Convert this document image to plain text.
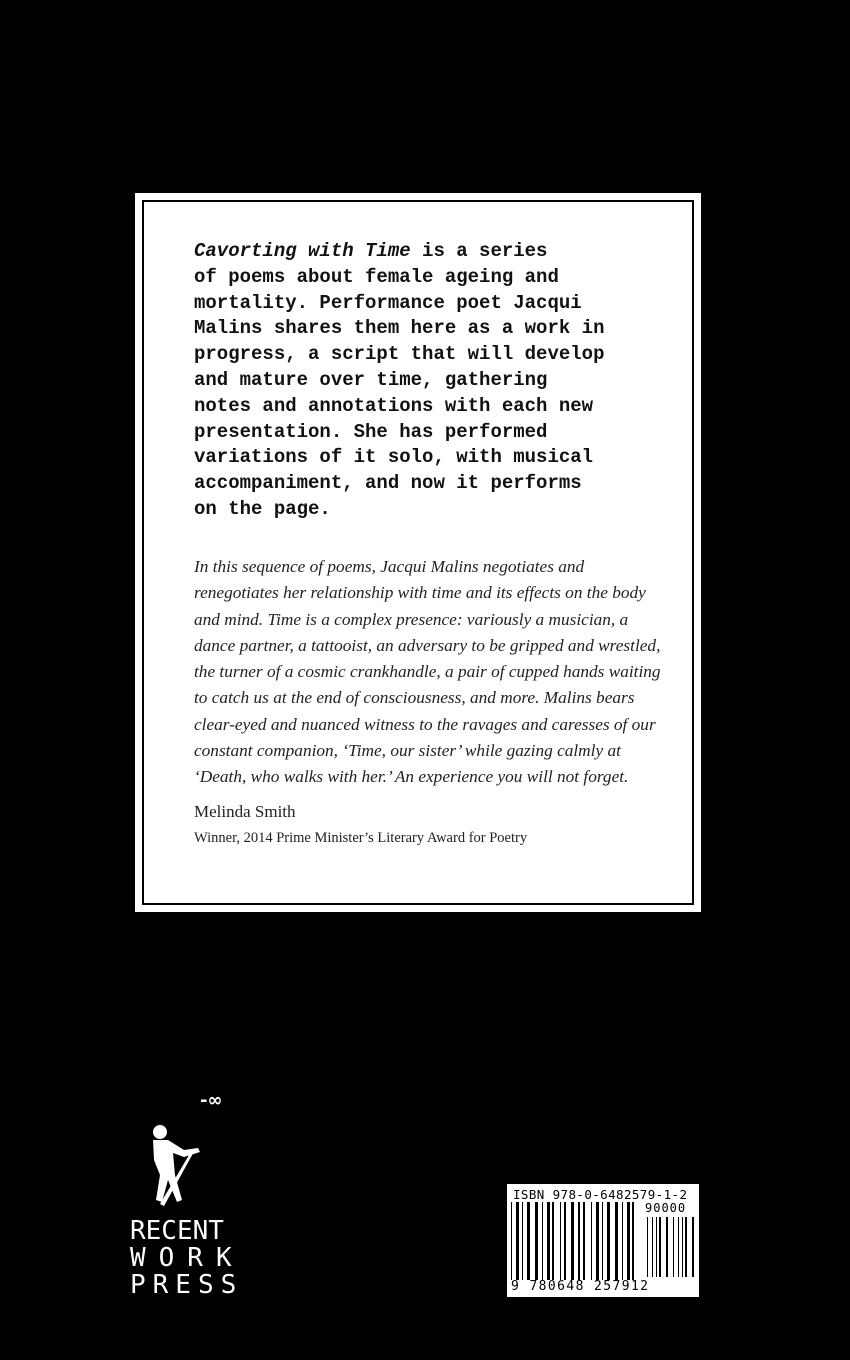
Cavorting with Time is a series
of poems about female ageing and
mortality. Performance poet Jacqui
Malins shares them here as a work in
progress, a script that will develop
and mature over time, gathering
notes and annotations with each new
presentation. She has performed
variations of it solo, with musical
accompaniment, and now it performs
on the page.
In this sequence of poems, Jacqui Malins negotiates and
renegotiates her relationship with time and its effects on the body
and mind. Time is a complex presence: variously a musician, a
dance partner, a tattooist, an adversary to be gripped and wrestled,
the turner of a cosmic crankhandle, a pair of cupped hands waiting
to catch us at the end of consciousness, and more. Malins bears
clear-eyed and nuanced witness to the ravages and caresses of our
constant companion, ‘Time, our sister’ while gazing calmly at
‘Death, who walks with her.’ An experience you will not forget.
Melinda Smith
Winner, 2014 Prime Minister’s Literary Award for Poetry
-∞
RECENT
WORK
PRESS
ISBN 978-0-6482579-1-2
90000
9 780648 257912
